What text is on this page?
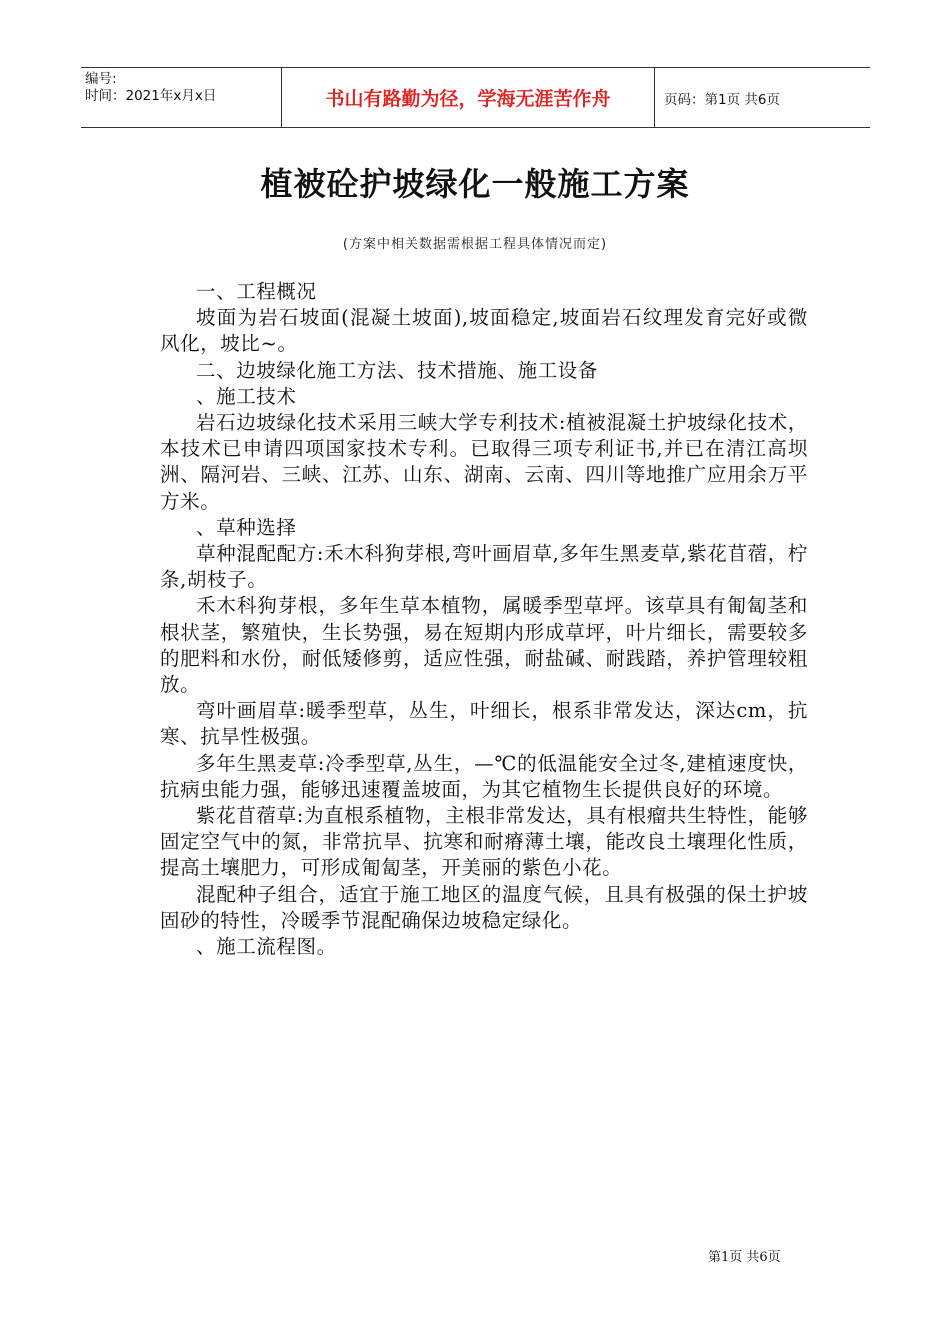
编号:
时间：2021年x月x日	书山有路勤为径，学海无涯苦作舟	页码：第1页 共6页
植被砼护坡绿化一般施工方案
(方案中相关数据需根据工程具体情况而定)

一、工程概况

坡面为岩石坡面(混凝土坡面),坡面稳定,坡面岩石纹理发育完好或微风化，坡比~。

二、边坡绿化施工方法、技术措施、施工设备

、施工技术

岩石边坡绿化技术采用三峡大学专利技术:植被混凝土护坡绿化技术，本技术已申请四项国家技术专利。已取得三项专利证书,并已在清江高坝洲、隔河岩、三峡、江苏、山东、湖南、云南、四川等地推广应用余万平方米。

、草种选择

草种混配配方:禾木科狗芽根,弯叶画眉草,多年生黑麦草,紫花苜蓿，柠条,胡枝子。

禾木科狗芽根，多年生草本植物，属暖季型草坪。该草具有匍匐茎和根状茎，繁殖快，生长势强，易在短期内形成草坪，叶片细长，需要较多的肥料和水份，耐低矮修剪，适应性强，耐盐碱、耐践踏，养护管理较粗放。

弯叶画眉草:暖季型草，丛生，叶细长，根系非常发达，深达cm，抗寒、抗旱性极强。

多年生黑麦草:冷季型草,丛生，—℃的低温能安全过冬,建植速度快，抗病虫能力强，能够迅速覆盖坡面，为其它植物生长提供良好的环境。

紫花苜蓿草:为直根系植物，主根非常发达，具有根瘤共生特性，能够固定空气中的氮，非常抗旱、抗寒和耐瘠薄土壤，能改良土壤理化性质，提高土壤肥力，可形成匍匐茎，开美丽的紫色小花。

混配种子组合，适宜于施工地区的温度气候，且具有极强的保土护坡固砂的特性，冷暖季节混配确保边坡稳定绿化。

、施工流程图。

第1页 共6页
